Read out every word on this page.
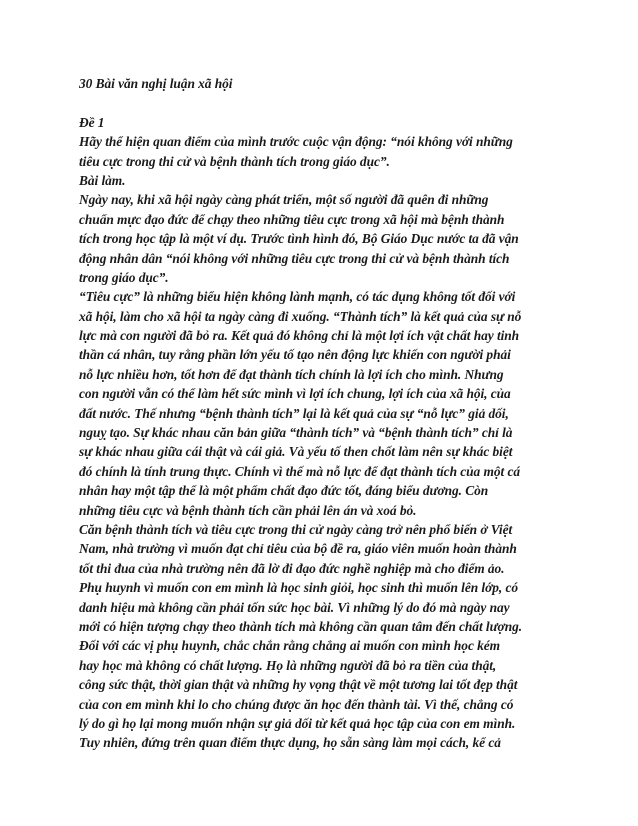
30 Bài văn nghị luận xã hội
Đề 1
Hãy thể hiện quan điểm của mình trước cuộc vận động: “nói không với những
tiêu cực trong thi cử và bệnh thành tích trong giáo dục”.
Bài làm.
Ngày nay, khi xã hội ngày càng phát triển, một số người đã quên đi những
chuẩn mực đạo đức để chạy theo những tiêu cực trong xã hội mà bệnh thành
tích trong học tập là một ví dụ. Trước tình hình đó, Bộ Giáo Dục nước ta đã vận
động nhân dân “nói không với những tiêu cực trong thi cử và bệnh thành tích
trong giáo dục”.
“Tiêu cực” là những biểu hiện không lành mạnh, có tác dụng không tốt đối với
xã hội, làm cho xã hội ta ngày càng đi xuống. “Thành tích” là kết quả của sự nỗ
lực mà con người đã bỏ ra. Kết quả đó không chỉ là một lợi ích vật chất hay tinh
thần cá nhân, tuy rằng phần lớn yếu tố tạo nên động lực khiến con người phải
nỗ lực nhiều hơn, tốt hơn để đạt thành tích chính là lợi ích cho mình. Nhưng
con người vẫn có thể làm hết sức mình vì lợi ích chung, lợi ích của xã hội, của
đất nước. Thế nhưng “bệnh thành tích” lại là kết quả của sự “nỗ lực” giả dối,
nguỵ tạo. Sự khác nhau căn bản giữa “thành tích” và “bệnh thành tích” chỉ là
sự khác nhau giữa cái thật và cái giả. Và yếu tố then chốt làm nên sự khác biệt
đó chính là tính trung thực. Chính vì thế mà nỗ lực để đạt thành tích của một cá
nhân hay một tập thể là một phẩm chất đạo đức tốt, đáng biểu dương. Còn
những tiêu cực và bệnh thành tích cần phải lên án và xoá bỏ.
Căn bệnh thành tích và tiêu cực trong thi cử ngày càng trở nên phổ biến ở Việt
Nam, nhà trường vì muốn đạt chỉ tiêu của bộ đề ra, giáo viên muốn hoàn thành
tốt thi đua của nhà trường nên đã lờ đi đạo đức nghề nghiệp mà cho điểm ảo.
Phụ huynh vì muốn con em mình là học sinh giỏi, học sinh thì muốn lên lớp, có
danh hiệu mà không cần phải tốn sức học bài. Vì những lý do đó mà ngày nay
mới có hiện tượng chạy theo thành tích mà không cần quan tâm đến chất lượng.
Đối với các vị phụ huynh, chắc chắn rằng chẳng ai muốn con mình học kém
hay học mà không có chất lượng. Họ là những người đã bỏ ra tiền của thật,
công sức thật, thời gian thật và những hy vọng thật về một tương lai tốt đẹp thật
của con em mình khi lo cho chúng được ăn học đến thành tài. Vì thế, chẳng có
lý do gì họ lại mong muốn nhận sự giả dối từ kết quả học tập của con em mình.
Tuy nhiên, đứng trên quan điểm thực dụng, họ sẵn sàng làm mọi cách, kể cả
